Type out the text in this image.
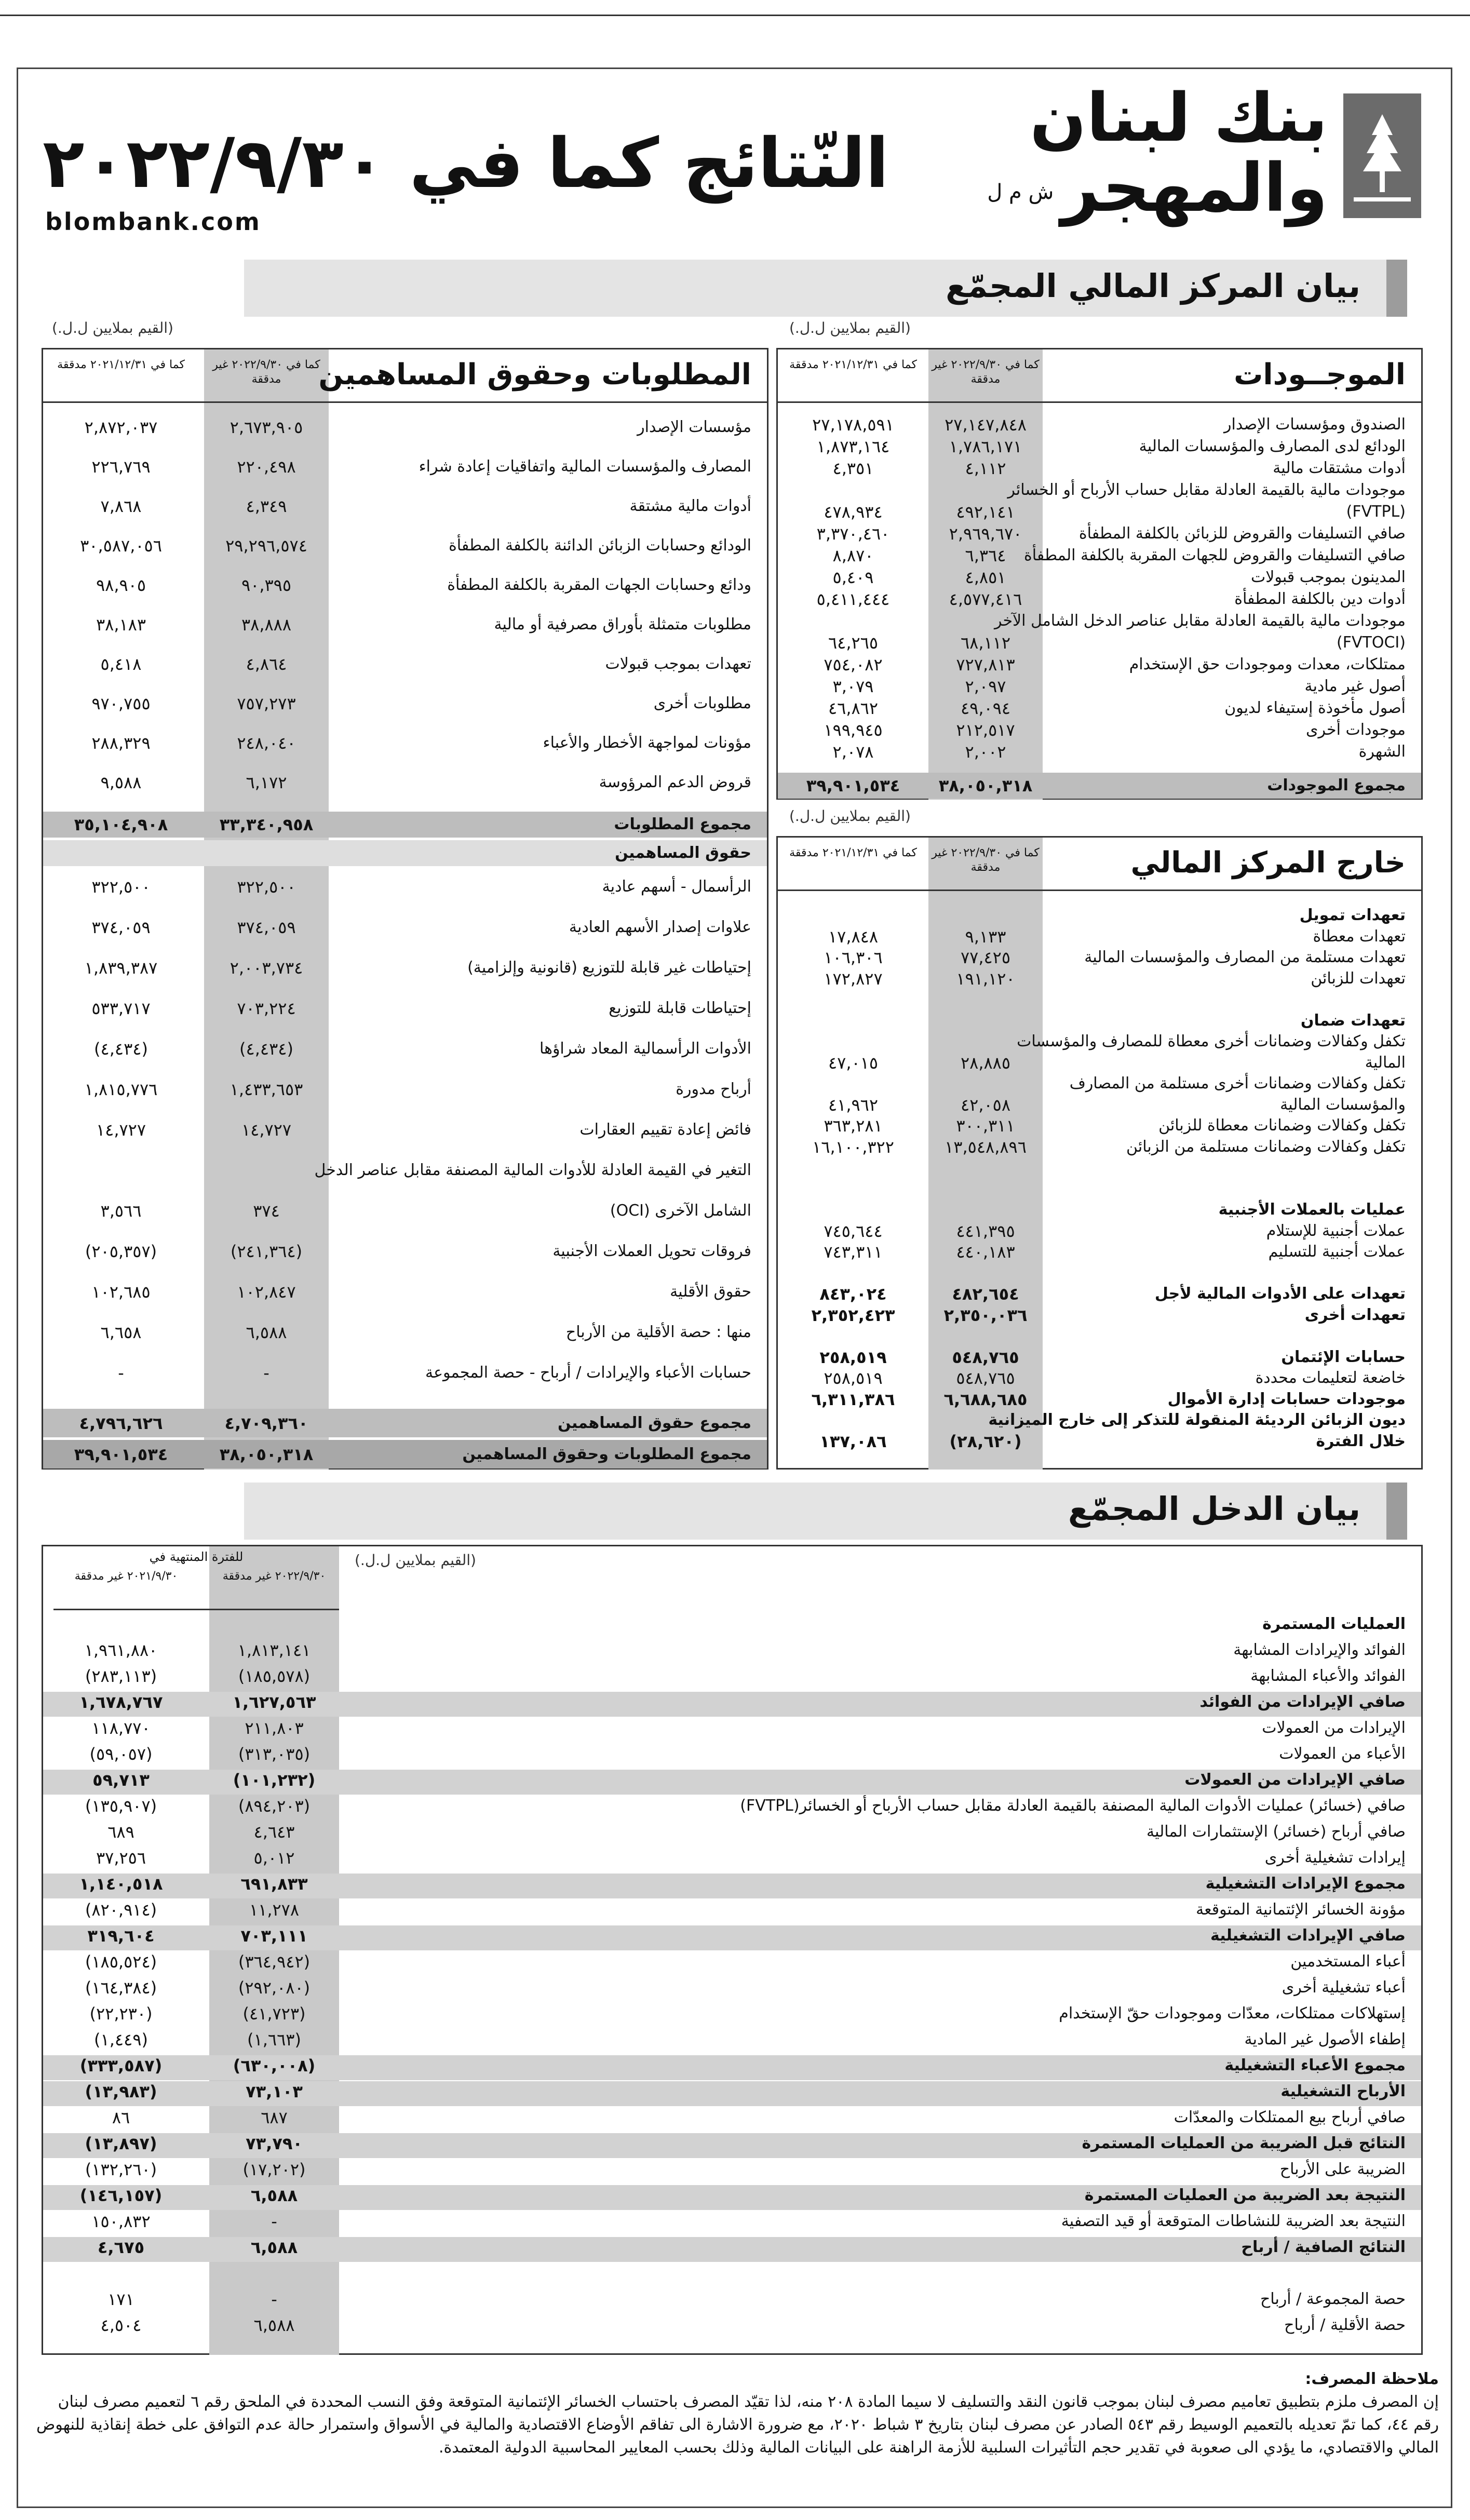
بنك لبنان
والمهجرش م ل
النّتائج كما في ٢٠٢٢/٩/٣٠
blombank.com
بيان المركز المالي المجمّع
(القيم بملايين ل.ل.)
الموجــودات
كما في ٢٠٢٢/٩/٣٠ غير مدققة
كما في ٢٠٢١/١٢/٣١ مدققة
الصندوق ومؤسسات الإصدار
٢٧,١٤٧,٨٤٨
٢٧,١٧٨,٥٩١
الودائع لدى المصارف والمؤسسات المالية
١,٧٨٦,١٧١
١,٨٧٣,١٦٤
أدوات مشتقات مالية
٤,١١٢
٤,٣٥١
موجودات مالية بالقيمة العادلة مقابل حساب الأرباح أو الخسائر
(FVTPL)
٤٩٢,١٤١
٤٧٨,٩٣٤
صافي التسليفات والقروض للزبائن بالكلفة المطفأة
٢,٩٦٩,٦٧٠
٣,٣٧٠,٤٦٠
صافي التسليفات والقروض للجهات المقربة بالكلفة المطفأة
٦,٣٦٤
٨,٨٧٠
المدينون بموجب قبولات
٤,٨٥١
٥,٤٠٩
أدوات دين بالكلفة المطفأة
٤,٥٧٧,٤١٦
٥,٤١١,٤٤٤
موجودات مالية بالقيمة العادلة مقابل عناصر الدخل الشامل الآخر
(FVTOCI)
٦٨,١١٢
٦٤,٢٦٥
ممتلكات، معدات وموجودات حق الإستخدام
٧٢٧,٨١٣
٧٥٤,٠٨٢
أصول غير مادية
٢,٠٩٧
٣,٠٧٩
أصول مأخوذة إستيفاء لديون
٤٩,٠٩٤
٤٦,٨٦٢
موجودات أخرى
٢١٢,٥١٧
١٩٩,٩٤٥
الشهرة
٢,٠٠٢
٢,٠٧٨
مجموع الموجودات
٣٨,٠٥٠,٣١٨
٣٩,٩٠١,٥٣٤
(القيم بملايين ل.ل.)
خارج المركز المالي
كما في ٢٠٢٢/٩/٣٠ غير مدققة
كما في ٢٠٢١/١٢/٣١ مدققة
تعهدات تمويل
تعهدات معطاة
٩,١٣٣
١٧,٨٤٨
تعهدات مستلمة من المصارف والمؤسسات المالية
٧٧,٤٢٥
١٠٦,٣٠٦
تعهدات للزبائن
١٩١,١٢٠
١٧٢,٨٢٧
تعهدات ضمان
تكفل وكفالات وضمانات أخرى معطاة للمصارف والمؤسسات
المالية
٢٨,٨٨٥
٤٧,٠١٥
تكفل وكفالات وضمانات أخرى مستلمة من المصارف
والمؤسسات المالية
٤٢,٠٥٨
٤١,٩٦٢
تكفل وكفالات وضمانات معطاة للزبائن
٣٠٠,٣١١
٣٦٣,٢٨١
تكفل وكفالات وضمانات مستلمة من الزبائن
١٣,٥٤٨,٨٩٦
١٦,١٠٠,٣٢٢
عمليات بالعملات الأجنبية
عملات أجنبية للإستلام
٤٤١,٣٩٥
٧٤٥,٦٤٤
عملات أجنبية للتسليم
٤٤٠,١٨٣
٧٤٣,٣١١
تعهدات على الأدوات المالية لأجل
٤٨٢,٦٥٤
٨٤٣,٠٢٤
تعهدات أخرى
٢,٣٥٠,٠٣٦
٢,٣٥٢,٤٢٣
حسابات الإئتمان
٥٤٨,٧٦٥
٢٥٨,٥١٩
خاضعة لتعليمات محددة
٥٤٨,٧٦٥
٢٥٨,٥١٩
موجودات حسابات إدارة الأموال
٦,٦٨٨,٦٨٥
٦,٣١١,٣٨٦
ديون الزبائن الرديئة المنقولة للتذكر إلى خارج الميزانية
خلال الفترة
(٢٨,٦٢٠)
١٣٧,٠٨٦
(القيم بملايين ل.ل.)
المطلوبات وحقوق المساهمين
كما في ٢٠٢٢/٩/٣٠ غير مدققة
كما في ٢٠٢١/١٢/٣١ مدققة
مؤسسات الإصدار
٢,٦٧٣,٩٠٥
٢,٨٧٢,٠٣٧
المصارف والمؤسسات المالية واتفاقيات إعادة شراء
٢٢٠,٤٩٨
٢٢٦,٧٦٩
أدوات مالية مشتقة
٤,٣٤٩
٧,٨٦٨
الودائع وحسابات الزبائن الدائنة بالكلفة المطفأة
٢٩,٢٩٦,٥٧٤
٣٠,٥٨٧,٠٥٦
ودائع وحسابات الجهات المقربة بالكلفة المطفأة
٩٠,٣٩٥
٩٨,٩٠٥
مطلوبات متمثلة بأوراق مصرفية أو مالية
٣٨,٨٨٨
٣٨,١٨٣
تعهدات بموجب قبولات
٤,٨٦٤
٥,٤١٨
مطلوبات أخرى
٧٥٧,٢٧٣
٩٧٠,٧٥٥
مؤونات لمواجهة الأخطار والأعباء
٢٤٨,٠٤٠
٢٨٨,٣٢٩
قروض الدعم المرؤوسة
٦,١٧٢
٩,٥٨٨
مجموع المطلوبات
٣٣,٣٤٠,٩٥٨
٣٥,١٠٤,٩٠٨
حقوق المساهمين
الرأسمال - أسهم عادية
٣٢٢,٥٠٠
٣٢٢,٥٠٠
علاوات إصدار الأسهم العادية
٣٧٤,٠٥٩
٣٧٤,٠٥٩
إحتياطات غير قابلة للتوزيع (قانونية وإلزامية)
٢,٠٠٣,٧٣٤
١,٨٣٩,٣٨٧
إحتياطات قابلة للتوزيع
٧٠٣,٢٢٤
٥٣٣,٧١٧
الأدوات الرأسمالية المعاد شراؤها
(٤,٤٣٤)
(٤,٤٣٤)
أرباح مدورة
١,٤٣٣,٦٥٣
١,٨١٥,٧٧٦
فائض إعادة تقييم العقارات
١٤,٧٢٧
١٤,٧٢٧
التغير في القيمة العادلة للأدوات المالية المصنفة مقابل عناصر الدخل
الشامل الآخرى (OCI)
٣٧٤
٣,٥٦٦
فروقات تحويل العملات الأجنبية
(٢٤١,٣٦٤)
(٢٠٥,٣٥٧)
حقوق الأقلية
١٠٢,٨٤٧
١٠٢,٦٨٥
منها : حصة الأقلية من الأرباح
٦,٥٨٨
٦,٦٥٨
حسابات الأعباء والإيرادات / أرباح - حصة المجموعة
-
-
مجموع حقوق المساهمين
٤,٧٠٩,٣٦٠
٤,٧٩٦,٦٢٦
مجموع المطلوبات وحقوق المساهمين
٣٨,٠٥٠,٣١٨
٣٩,٩٠١,٥٣٤
بيان الدخل المجمّع
للفترة المنتهية في
٢٠٢٢/٩/٣٠ غير مدققة
٢٠٢١/٩/٣٠ غير مدققة
(القيم بملايين ل.ل.)
العمليات المستمرة
الفوائد والإيرادات المشابهة
١,٨١٣,١٤١
١,٩٦١,٨٨٠
الفوائد والأعباء المشابهة
(١٨٥,٥٧٨)
(٢٨٣,١١٣)
صافي الإيرادات من الفوائد
١,٦٢٧,٥٦٣
١,٦٧٨,٧٦٧
الإيرادات من العمولات
٢١١,٨٠٣
١١٨,٧٧٠
الأعباء من العمولات
(٣١٣,٠٣٥)
(٥٩,٠٥٧)
صافي الإيرادات من العمولات
(١٠١,٢٣٢)
٥٩,٧١٣
صافي (خسائر) عمليات الأدوات المالية المصنفة بالقيمة العادلة مقابل حساب الأرباح أو الخسائر(FVTPL)
(٨٩٤,٢٠٣)
(١٣٥,٩٠٧)
صافي أرباح (خسائر) الإستثمارات المالية
٤,٦٤٣
٦٨٩
إيرادات تشغيلية أخرى
٥,٠١٢
٣٧,٢٥٦
مجموع الإيرادات التشغيلية
٦٩١,٨٣٣
١,١٤٠,٥١٨
مؤونة الخسائر الإئتمانية المتوقعة
١١,٢٧٨
(٨٢٠,٩١٤)
صافي الإيرادات التشغيلية
٧٠٣,١١١
٣١٩,٦٠٤
أعباء المستخدمين
(٣٦٤,٩٤٢)
(١٨٥,٥٢٤)
أعباء تشغيلية أخرى
(٢٩٢,٠٨٠)
(١٦٤,٣٨٤)
إستهلاكات ممتلكات، معدّات وموجودات حقّ الإستخدام
(٤١,٧٢٣)
(٢٢,٢٣٠)
إطفاء الأصول غير المادية
(١,٦٦٣)
(١,٤٤٩)
مجموع الأعباء التشغيلية
(٦٣٠,٠٠٨)
(٣٣٣,٥٨٧)
الأرباح التشغيلية
٧٣,١٠٣
(١٣,٩٨٣)
صافي أرباح بيع الممتلكات والمعدّات
٦٨٧
٨٦
النتائج قبل الضريبة من العمليات المستمرة
٧٣,٧٩٠
(١٣,٨٩٧)
الضريبة على الأرباح
(١٧,٢٠٢)
(١٣٢,٢٦٠)
النتيجة بعد الضريبة من العمليات المستمرة
٦,٥٨٨
(١٤٦,١٥٧)
النتيجة بعد الضريبة للنشاطات المتوقعة أو قيد التصفية
-
١٥٠,٨٣٢
النتائج الصافية / أرباح
٦,٥٨٨
٤,٦٧٥
حصة المجموعة / أرباح
-
١٧١
حصة الأقلية / أرباح
٦,٥٨٨
٤,٥٠٤
ملاحظة المصرف:
إن المصرف ملزم بتطبيق تعاميم مصرف لبنان بموجب قانون النقد والتسليف لا سيما المادة ٢٠٨ منه، لذا تقيّد المصرف باحتساب الخسائر الإئتمانية المتوقعة وفق النسب المحددة في الملحق رقم ٦ لتعميم مصرف لبنان رقم ٤٤، كما تمّ تعديله بالتعميم الوسيط رقم ٥٤٣ الصادر عن مصرف لبنان بتاريخ ٣ شباط ٢٠٢٠، مع ضرورة الاشارة الى تفاقم الأوضاع الاقتصادية والمالية في الأسواق واستمرار حالة عدم التوافق على خطة إنقاذية للنهوض المالي والاقتصادي، ما يؤدي الى صعوبة في تقدير حجم التأثيرات السلبية للأزمة الراهنة على البيانات المالية وذلك بحسب المعايير المحاسبية الدولية المعتمدة.
